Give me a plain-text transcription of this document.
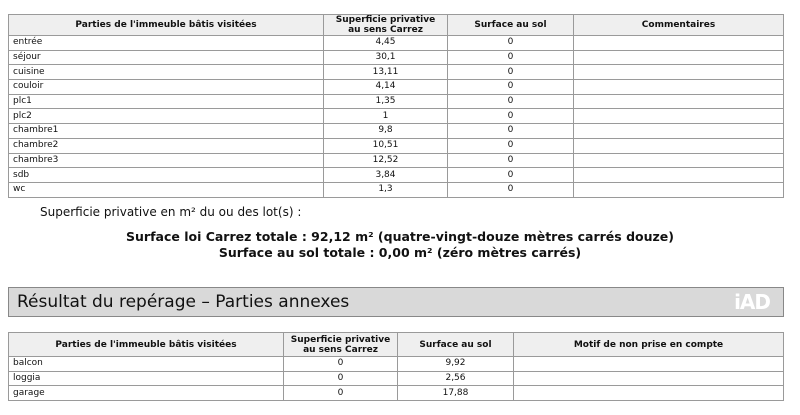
Parties de l'immeuble bâtis visitées	Superficie privative au sens Carrez	Surface au sol	Commentaires
entrée	4,45	0	
séjour	30,1	0	
cuisine	13,11	0	
couloir	4,14	0	
plc1	1,35	0	
plc2	1	0	
chambre1	9,8	0	
chambre2	10,51	0	
chambre3	12,52	0	
sdb	3,84	0	
wc	1,3	0	
Superficie privative en m² du ou des lot(s) :
Surface loi Carrez totale : 92,12 m² (quatre-vingt-douze mètres carrés douze)
Surface au sol totale : 0,00 m² (zéro mètres carrés)
Résultat du repérage – Parties annexes	iAD
Parties de l'immeuble bâtis visitées	Superficie privative au sens Carrez	Surface au sol	Motif de non prise en compte
balcon	0	9,92	
loggia	0	2,56	
garage	0	17,88	
